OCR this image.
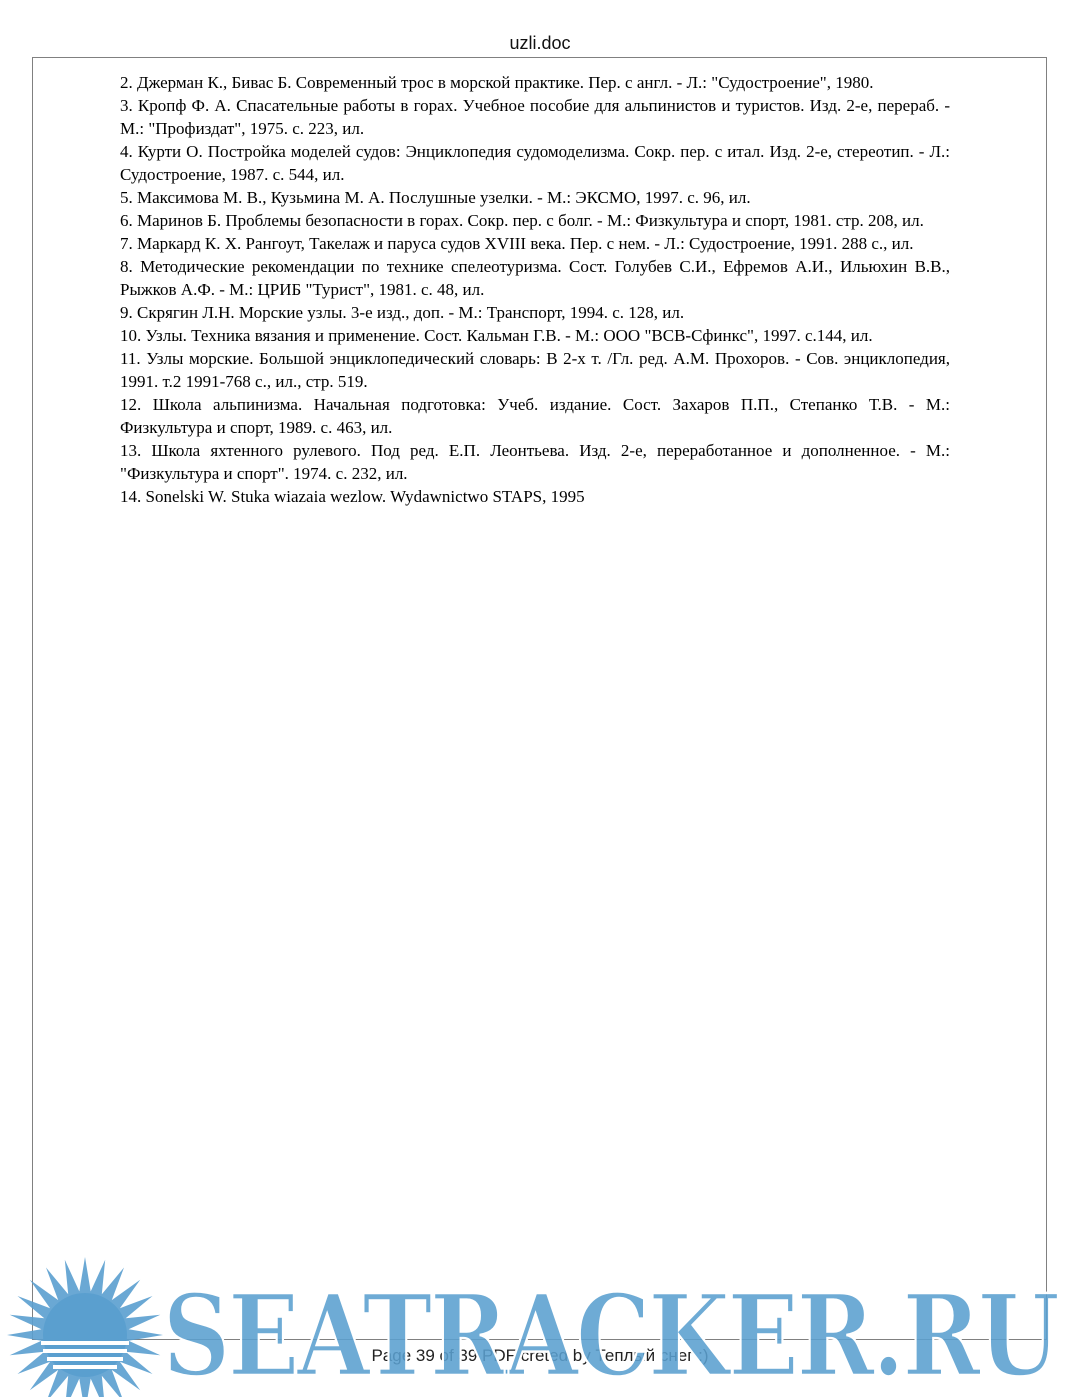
uzli.doc
2. Джерман К., Бивас Б. Современный трос в морской практике. Пер. с англ. - Л.: "Судостроение", 1980.
3. Кропф Ф. А. Спасательные работы в горах. Учебное пособие для альпинистов и туристов. Изд. 2-е, перераб. - М.: "Профиздат", 1975. с. 223, ил.
4. Курти О. Постройка моделей судов: Энциклопедия судомоделизма. Сокр. пер. с итал. Изд. 2-е, стереотип. - Л.: Судостроение, 1987. с. 544, ил.
5. Максимова М. В., Кузьмина М. А. Послушные узелки. - М.: ЭКСМО, 1997. с. 96, ил.
6. Маринов Б. Проблемы безопасности в горах. Сокр. пер. с болг. - М.: Физкультура и спорт, 1981. стр. 208, ил.
7. Маркард К. Х. Рангоут, Такелаж и паруса судов XVIII века. Пер. с нем. - Л.: Судостроение, 1991. 288 с., ил.
8. Методические рекомендации по технике спелеотуризма. Сост. Голубев С.И., Ефремов А.И., Ильюхин В.В., Рыжков А.Ф. - М.: ЦРИБ "Турист", 1981. с. 48, ил.
9. Скрягин Л.Н. Морские узлы. 3-е изд., доп. - М.: Транспорт, 1994. с. 128, ил.
10. Узлы. Техника вязания и применение. Сост. Кальман Г.В. - М.: ООО "ВСВ-Сфинкс", 1997. с.144, ил.
11. Узлы морские. Большой энциклопедический словарь: В 2-х т. /Гл. ред. А.М. Прохоров. - Сов. энциклопедия, 1991. т.2 1991-768 с., ил., стр. 519.
12. Школа альпинизма. Начальная подготовка: Учеб. издание. Сост. Захаров П.П., Степанко Т.В. - М.: Физкультура и спорт, 1989. с. 463, ил.
13. Школа яхтенного рулевого. Под ред. Е.П. Леонтьева. Изд. 2-е, переработанное и дополненное. - М.: "Физкультура и спорт". 1974. с. 232, ил.
14. Sonelski W. Stuka wiazaia wezlow. Wydawnictwo STAPS, 1995
Page 39 of 39 PDF creted by Теплый снег :)
SEATRACKER.RU
